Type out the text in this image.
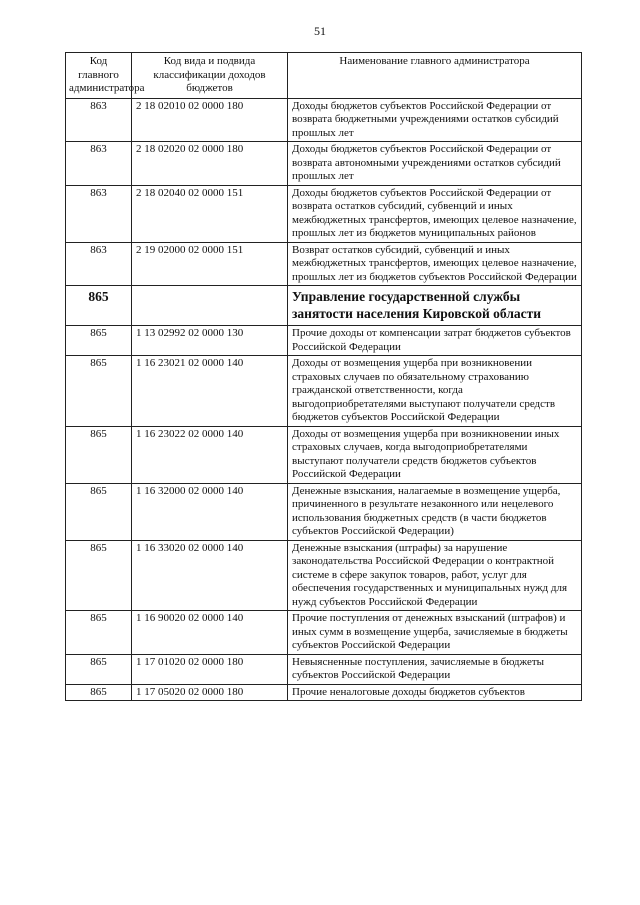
51
Код главного администратора	Код вида и подвида классификации доходов бюджетов	Наименование главного администратора
863	2 18 02010 02 0000 180	Доходы бюджетов субъектов Российской Федерации от возврата бюджетными учреждениями остатков субсидий прошлых лет
863	2 18 02020 02 0000 180	Доходы бюджетов субъектов Российской Федерации от возврата автономными учреждениями остатков субсидий прошлых лет
863	2 18 02040 02 0000 151	Доходы бюджетов субъектов Российской Федерации от возврата остатков субсидий, субвенций и иных межбюджетных трансфертов, имеющих целевое назначение, прошлых лет из бюджетов муниципальных районов
863	2 19 02000 02 0000 151	Возврат остатков субсидий, субвенций и иных межбюджетных трансфертов, имеющих целевое назначение, прошлых лет из бюджетов субъектов Российской Федерации
865		Управление государственной службы занятости населения Кировской области
865	1 13 02992 02 0000 130	Прочие доходы от компенсации затрат бюджетов субъектов Российской Федерации
865	1 16 23021 02 0000 140	Доходы от возмещения ущерба при возникновении страховых случаев по обязательному страхованию гражданской ответственности, когда выгодоприобретателями выступают получатели средств бюджетов субъектов Российской Федерации
865	1 16 23022 02 0000 140	Доходы от возмещения ущерба при возникновении иных страховых случаев, когда выгодоприобретателями выступают получатели средств бюджетов субъектов Российской Федерации
865	1 16 32000 02 0000 140	Денежные взыскания, налагаемые в возмещение ущерба, причиненного в результате незаконного или нецелевого использования бюджетных средств (в части бюджетов субъектов Российской Федерации)
865	1 16 33020 02 0000 140	Денежные взыскания (штрафы) за нарушение законодательства Российской Федерации о контрактной системе в сфере закупок товаров, работ, услуг для обеспечения государственных и муниципальных нужд для нужд субъектов Российской Федерации
865	1 16 90020 02 0000 140	Прочие поступления от денежных взысканий (штрафов) и иных сумм в возмещение ущерба, зачисляемые в бюджеты субъектов Российской Федерации
865	1 17 01020 02 0000 180	Невыясненные поступления, зачисляемые в бюджеты субъектов Российской Федерации
865	1 17 05020 02 0000 180	Прочие неналоговые доходы бюджетов субъектов
